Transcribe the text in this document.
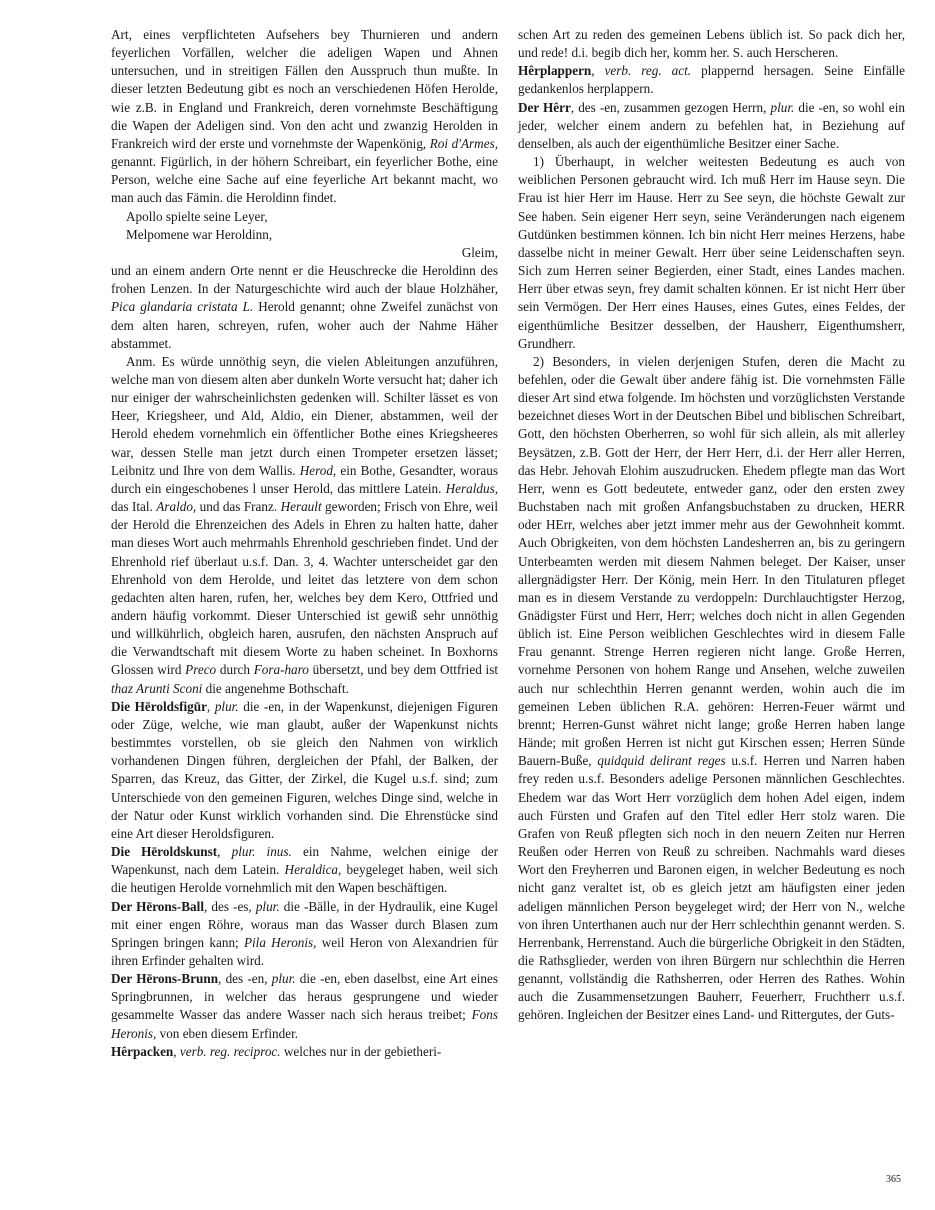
Art, eines verpflichteten Aufsehers bey Thurnieren und andern feyerlichen Vorfällen, welcher die adeligen Wapen und Ahnen untersuchen, und in streitigen Fällen den Ausspruch thun mußte. In dieser letzten Bedeutung gibt es noch an verschiedenen Höfen Herolde, wie z.B. in England und Frankreich, deren vornehmste Beschäftigung die Wapen der Adeligen sind. Von den acht und zwanzig Herolden in Frankreich wird der erste und vornehmste der Wapenkönig, Roi d'Armes, genannt. Figürlich, in der höhern Schreibart, ein feyerlicher Bothe, eine Person, welche eine Sache auf eine feyerliche Art bekannt macht, wo man auch das Fämin. die Heroldinn findet.

Apollo spielte seine Leyer,

Melpomene war Heroldinn,

Gleim,

und an einem andern Orte nennt er die Heuschrecke die Heroldinn des frohen Lenzen. In der Naturgeschichte wird auch der blaue Holzhäher, Pica glandaria cristata L. Herold genannt; ohne Zweifel zunächst von dem alten haren, schreyen, rufen, woher auch der Nahme Häher abstammet.

Anm. Es würde unnöthig seyn, die vielen Ableitungen anzuführen, welche man von diesem alten aber dunkeln Worte versucht hat; daher ich nur einiger der wahrscheinlichsten gedenken will. Schilter lässet es von Heer, Kriegsheer, und Ald, Aldio, ein Diener, abstammen, weil der Herold ehedem vornehmlich ein öffentlicher Bothe eines Kriegsheeres war, dessen Stelle man jetzt durch einen Trompeter ersetzen lässet; Leibnitz und Ihre von dem Wallis. Herod, ein Bothe, Gesandter, woraus durch ein eingeschobenes l unser Herold, das mittlere Latein. Heraldus, das Ital. Araldo, und das Franz. Herault geworden; Frisch von Ehre, weil der Herold die Ehrenzeichen des Adels in Ehren zu halten hatte, daher man dieses Wort auch mehrmahls Ehrenhold geschrieben findet. Und der Ehrenhold rief überlaut u.s.f. Dan. 3, 4. Wachter unterscheidet gar den Ehrenhold von dem Herolde, und leitet das letztere von dem schon gedachten alten haren, rufen, her, welches bey dem Kero, Ottfried und andern häufig vorkommt. Dieser Unterschied ist gewiß sehr unnöthig und willkührlich, obgleich haren, ausrufen, den nächsten Anspruch auf die Verwandtschaft mit diesem Worte zu haben scheinet. In Boxhorns Glossen wird Preco durch Fora-haro übersetzt, und bey dem Ottfried ist thaz Arunti Sconi die angenehme Bothschaft.

Die Hēroldsfigūr, plur. die -en, in der Wapenkunst, diejenigen Figuren oder Züge, welche, wie man glaubt, außer der Wapenkunst nichts bestimmtes vorstellen, ob sie gleich den Nahmen von wirklich vorhandenen Dingen führen, dergleichen der Pfahl, der Balken, der Sparren, das Kreuz, das Gitter, der Zirkel, die Kugel u.s.f. sind; zum Unterschiede von den gemeinen Figuren, welches Dinge sind, welche in der Natur oder Kunst wirklich vorhanden sind. Die Ehrenstücke sind eine Art dieser Heroldsfiguren.

Die Hēroldskunst, plur. inus. ein Nahme, welchen einige der Wapenkunst, nach dem Latein. Heraldica, beygeleget haben, weil sich die heutigen Herolde vornehmlich mit den Wapen beschäftigen.

Der Hērons-Ball, des -es, plur. die -Bälle, in der Hydraulik, eine Kugel mit einer engen Röhre, woraus man das Wasser durch Blasen zum Springen bringen kann; Pila Heronis, weil Heron von Alexandrien für ihren Erfinder gehalten wird.

Der Hērons-Brunn, des -en, plur. die -en, eben daselbst, eine Art eines Springbrunnen, in welcher das heraus gesprungene und wieder gesammelte Wasser das andere Wasser nach sich heraus treibet; Fons Heronis, von eben diesem Erfinder.

Hêrpacken, verb. reg. reciproc. welches nur in der gebietheri-

schen Art zu reden des gemeinen Lebens üblich ist. So pack dich her, und rede! d.i. begib dich her, komm her. S. auch Herscheren.

Hêrplappern, verb. reg. act. plappernd hersagen. Seine Einfälle gedankenlos herplappern.

Der Hêrr, des -en, zusammen gezogen Herrn, plur. die -en, so wohl ein jeder, welcher einem andern zu befehlen hat, in Beziehung auf denselben, als auch der eigenthümliche Besitzer einer Sache.

1) Überhaupt, in welcher weitesten Bedeutung es auch von weiblichen Personen gebraucht wird. Ich muß Herr im Hause seyn. Die Frau ist hier Herr im Hause. Herr zu See seyn, die höchste Gewalt zur See haben. Sein eigener Herr seyn, seine Veränderungen nach eigenem Gutdünken bestimmen können. Ich bin nicht Herr meines Herzens, habe dasselbe nicht in meiner Gewalt. Herr über seine Leidenschaften seyn. Sich zum Herren seiner Begierden, einer Stadt, eines Landes machen. Herr über etwas seyn, frey damit schalten können. Er ist nicht Herr über sein Vermögen. Der Herr eines Hauses, eines Gutes, eines Feldes, der eigenthümliche Besitzer desselben, der Hausherr, Eigenthumsherr, Grundherr.

2) Besonders, in vielen derjenigen Stufen, deren die Macht zu befehlen, oder die Gewalt über andere fähig ist. Die vornehmsten Fälle dieser Art sind etwa folgende. Im höchsten und vorzüglichsten Verstande bezeichnet dieses Wort in der Deutschen Bibel und biblischen Schreibart, Gott, den höchsten Oberherren, so wohl für sich allein, als mit allerley Beysätzen, z.B. Gott der Herr, der Herr Herr, d.i. der Herr aller Herren, das Hebr. Jehovah Elohim auszudrucken. Ehedem pflegte man das Wort Herr, wenn es Gott bedeutete, entweder ganz, oder den ersten zwey Buchstaben nach mit großen Anfangsbuchstaben zu drucken, HERR oder HErr, welches aber jetzt immer mehr aus der Gewohnheit kommt. Auch Obrigkeiten, von dem höchsten Landesherren an, bis zu geringern Unterbeamten werden mit diesem Nahmen beleget. Der Kaiser, unser allergnädigster Herr. Der König, mein Herr. In den Titulaturen pfleget man es in diesem Verstande zu verdoppeln: Durchlauchtigster Herzog, Gnädigster Fürst und Herr, Herr; welches doch nicht in allen Gegenden üblich ist. Eine Person weiblichen Geschlechtes wird in diesem Falle Frau genannt. Strenge Herren regieren nicht lange. Große Herren, vornehme Personen von hohem Range und Ansehen, welche zuweilen auch nur schlechthin Herren genannt werden, wohin auch die im gemeinen Leben üblichen R.A. gehören: Herren-Feuer wärmt und brennt; Herren-Gunst währet nicht lange; große Herren haben lange Hände; mit großen Herren ist nicht gut Kirschen essen; Herren Sünde Bauern-Buße, quidquid delirant reges u.s.f. Herren und Narren haben frey reden u.s.f. Besonders adelige Personen männlichen Geschlechtes. Ehedem war das Wort Herr vorzüglich dem hohen Adel eigen, indem auch Fürsten und Grafen auf den Titel edler Herr stolz waren. Die Grafen von Reuß pflegten sich noch in den neuern Zeiten nur Herren Reußen oder Herren von Reuß zu schreiben. Nachmahls ward dieses Wort den Freyherren und Baronen eigen, in welcher Bedeutung es noch nicht ganz veraltet ist, ob es gleich jetzt am häufigsten einer jeden adeligen männlichen Person beygeleget wird; der Herr von N., welche von ihren Unterthanen auch nur der Herr schlechthin genannt werden. S. Herrenbank, Herrenstand. Auch die bürgerliche Obrigkeit in den Städten, die Rathsglieder, werden von ihren Bürgern nur schlechthin die Herren genannt, vollständig die Rathsherren, oder Herren des Rathes. Wohin auch die Zusammensetzungen Bauherr, Feuerherr, Fruchtherr u.s.f. gehören. Ingleichen der Besitzer eines Land- und Rittergutes, der Guts-

365
